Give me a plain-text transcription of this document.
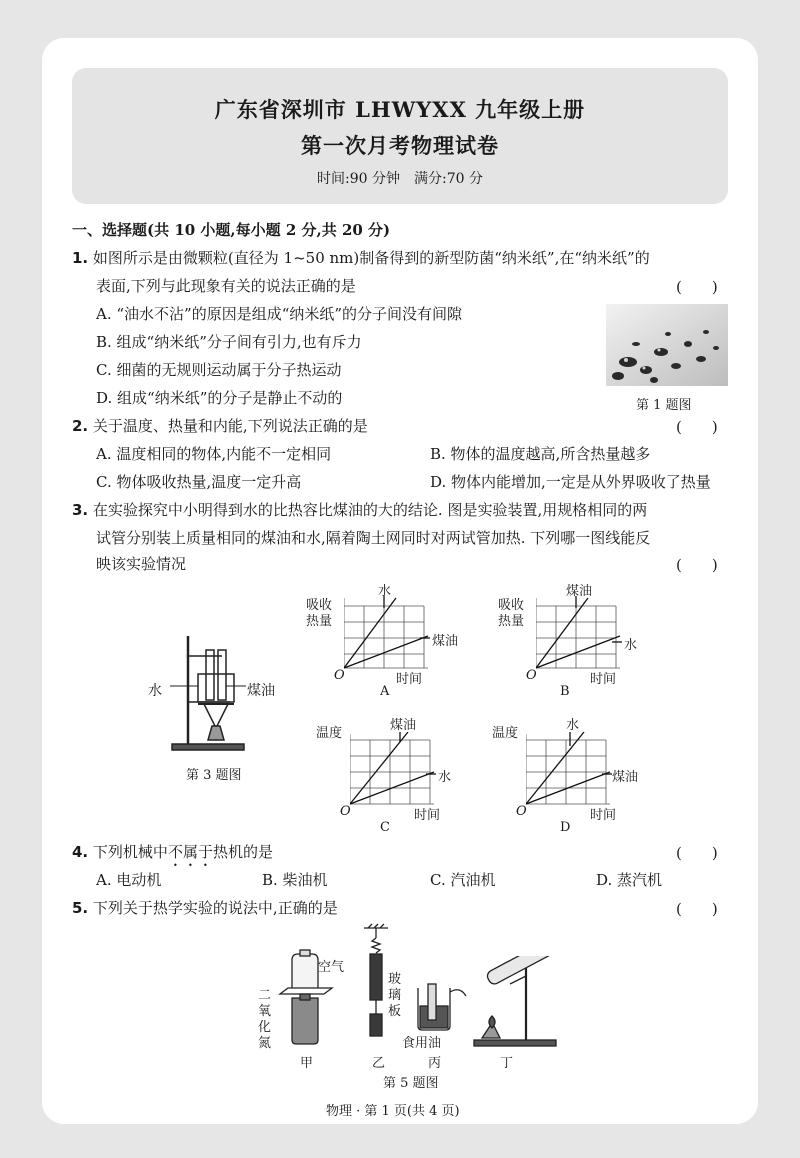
广东省深圳市 LHWYXX 九年级上册
第一次月考物理试卷
时间:90 分钟　满分:70 分
一、选择题(共 10 小题,每小题 2 分,共 20 分)
1. 如图所示是由微颗粒(直径为 1~50 nm)制备得到的新型防菌“纳米纸”,在“纳米纸”的
表面,下列与此现象有关的说法正确的是	(　　)
A. “油水不沾”的原因是组成“纳米纸”的分子间没有间隙
B. 组成“纳米纸”分子间有引力,也有斥力
C. 细菌的无规则运动属于分子热运动
D. 组成“纳米纸”的分子是静止不动的	第 1 题图
2. 关于温度、热量和内能,下列说法正确的是	(　　)
A. 温度相同的物体,内能不一定相同	B. 物体的温度越高,所含热量越多
C. 物体吸收热量,温度一定升高	D. 物体内能增加,一定是从外界吸收了热量
3. 在实验探究中小明得到水的比热容比煤油的大的结论. 图是实验装置,用规格相同的两
试管分别装上质量相同的煤油和水,隔着陶土网同时对两试管加热. 下列哪一图线能反
映该实验情况	(　　)
水	煤油
第 3 题图
吸收
热量
水
煤油
O	时间
A
吸收
热量
煤油
水
O	时间
B
温度
煤油
水
O	时间
C
温度
水
煤油
O	时间
D
4. 下列机械中不属于热机的是	(　　)
A. 电动机	B. 柴油机	C. 汽油机	D. 蒸汽机
5. 下列关于热学实验的说法中,正确的是	(　　)
空气
二
氧
化
氮
甲
玻
璃
板
乙
食用油
丙	丁
第 5 题图
物理 · 第 1 页(共 4 页)
